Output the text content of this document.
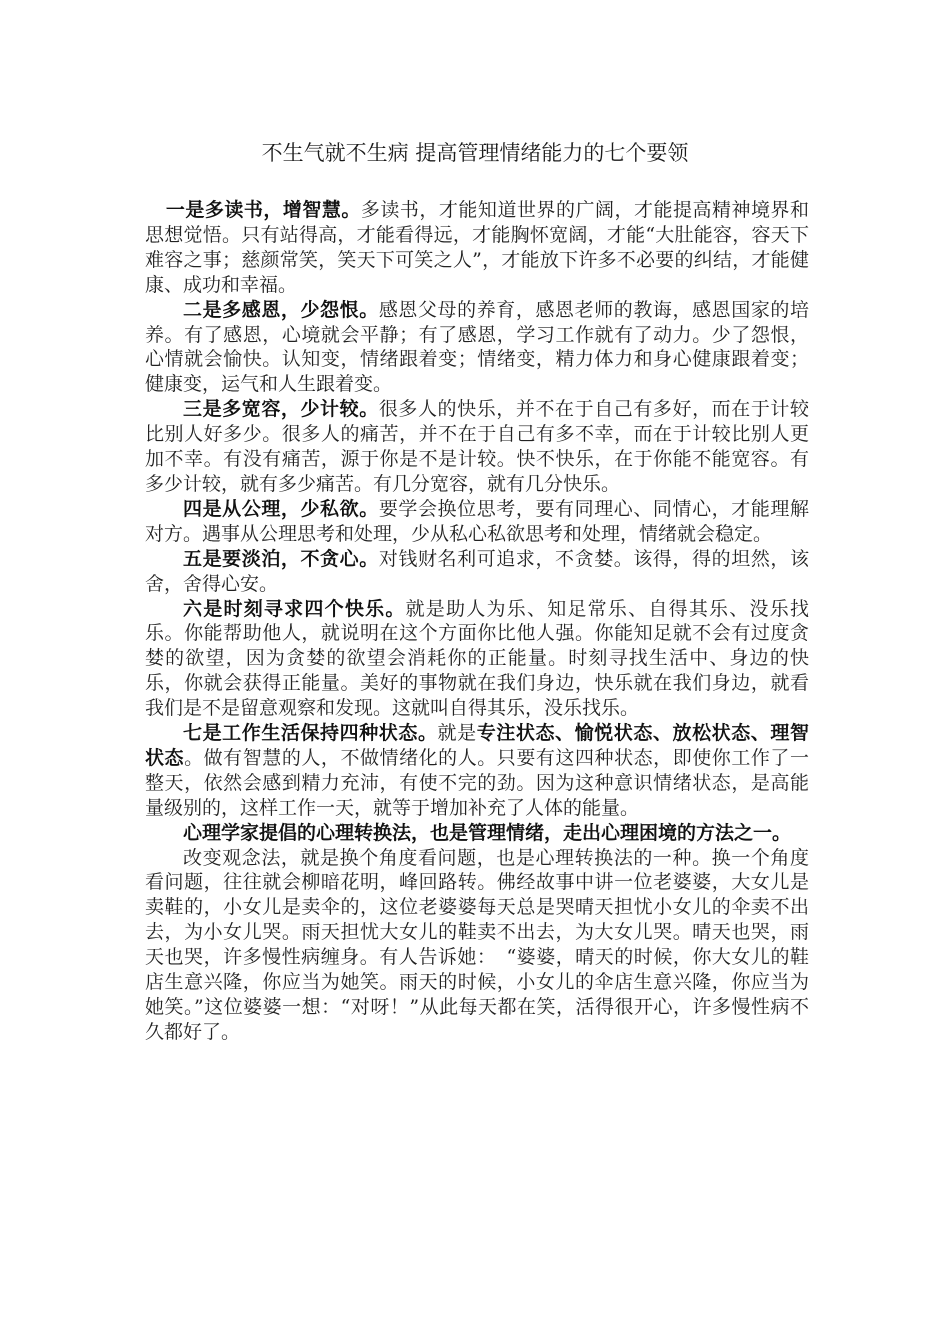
不生气就不生病 提高管理情绪能力的七个要领

一是多读书，增智慧。多读书，才能知道世界的广阔，才能提高精神境界和思想觉悟。只有站得高，才能看得远，才能胸怀宽阔，才能“大肚能容，容天下难容之事；慈颜常笑，笑天下可笑之人”，才能放下许多不必要的纠结，才能健康、成功和幸福。

二是多感恩，少怨恨。感恩父母的养育，感恩老师的教诲，感恩国家的培养。有了感恩，心境就会平静；有了感恩，学习工作就有了动力。少了怨恨，心情就会愉快。认知变，情绪跟着变；情绪变，精力体力和身心健康跟着变；健康变，运气和人生跟着变。

三是多宽容，少计较。很多人的快乐，并不在于自己有多好，而在于计较比别人好多少。很多人的痛苦，并不在于自己有多不幸，而在于计较比别人更加不幸。有没有痛苦，源于你是不是计较。快不快乐，在于你能不能宽容。有多少计较，就有多少痛苦。有几分宽容，就有几分快乐。

四是从公理，少私欲。要学会换位思考，要有同理心、同情心，才能理解对方。遇事从公理思考和处理，少从私心私欲思考和处理，情绪就会稳定。

五是要淡泊，不贪心。对钱财名利可追求，不贪婪。该得，得的坦然，该舍，舍得心安。

六是时刻寻求四个快乐。就是助人为乐、知足常乐、自得其乐、没乐找乐。你能帮助他人，就说明在这个方面你比他人强。你能知足就不会有过度贪婪的欲望，因为贪婪的欲望会消耗你的正能量。时刻寻找生活中、身边的快乐，你就会获得正能量。美好的事物就在我们身边，快乐就在我们身边，就看我们是不是留意观察和发现。这就叫自得其乐，没乐找乐。

七是工作生活保持四种状态。就是专注状态、愉悦状态、放松状态、理智状态。做有智慧的人，不做情绪化的人。只要有这四种状态，即使你工作了一整天，依然会感到精力充沛，有使不完的劲。因为这种意识情绪状态，是高能量级别的，这样工作一天，就等于增加补充了人体的能量。

心理学家提倡的心理转换法，也是管理情绪，走出心理困境的方法之一。

改变观念法，就是换个角度看问题，也是心理转换法的一种。换一个角度看问题，往往就会柳暗花明，峰回路转。佛经故事中讲一位老婆婆，大女儿是卖鞋的，小女儿是卖伞的，这位老婆婆每天总是哭晴天担忧小女儿的伞卖不出去，为小女儿哭。雨天担忧大女儿的鞋卖不出去，为大女儿哭。晴天也哭，雨天也哭，许多慢性病缠身。有人告诉她：　“婆婆，晴天的时候，你大女儿的鞋店生意兴隆，你应当为她笑。雨天的时候，小女儿的伞店生意兴隆，你应当为她笑。”这位婆婆一想：“对呀！”从此每天都在笑，活得很开心，许多慢性病不久都好了。
